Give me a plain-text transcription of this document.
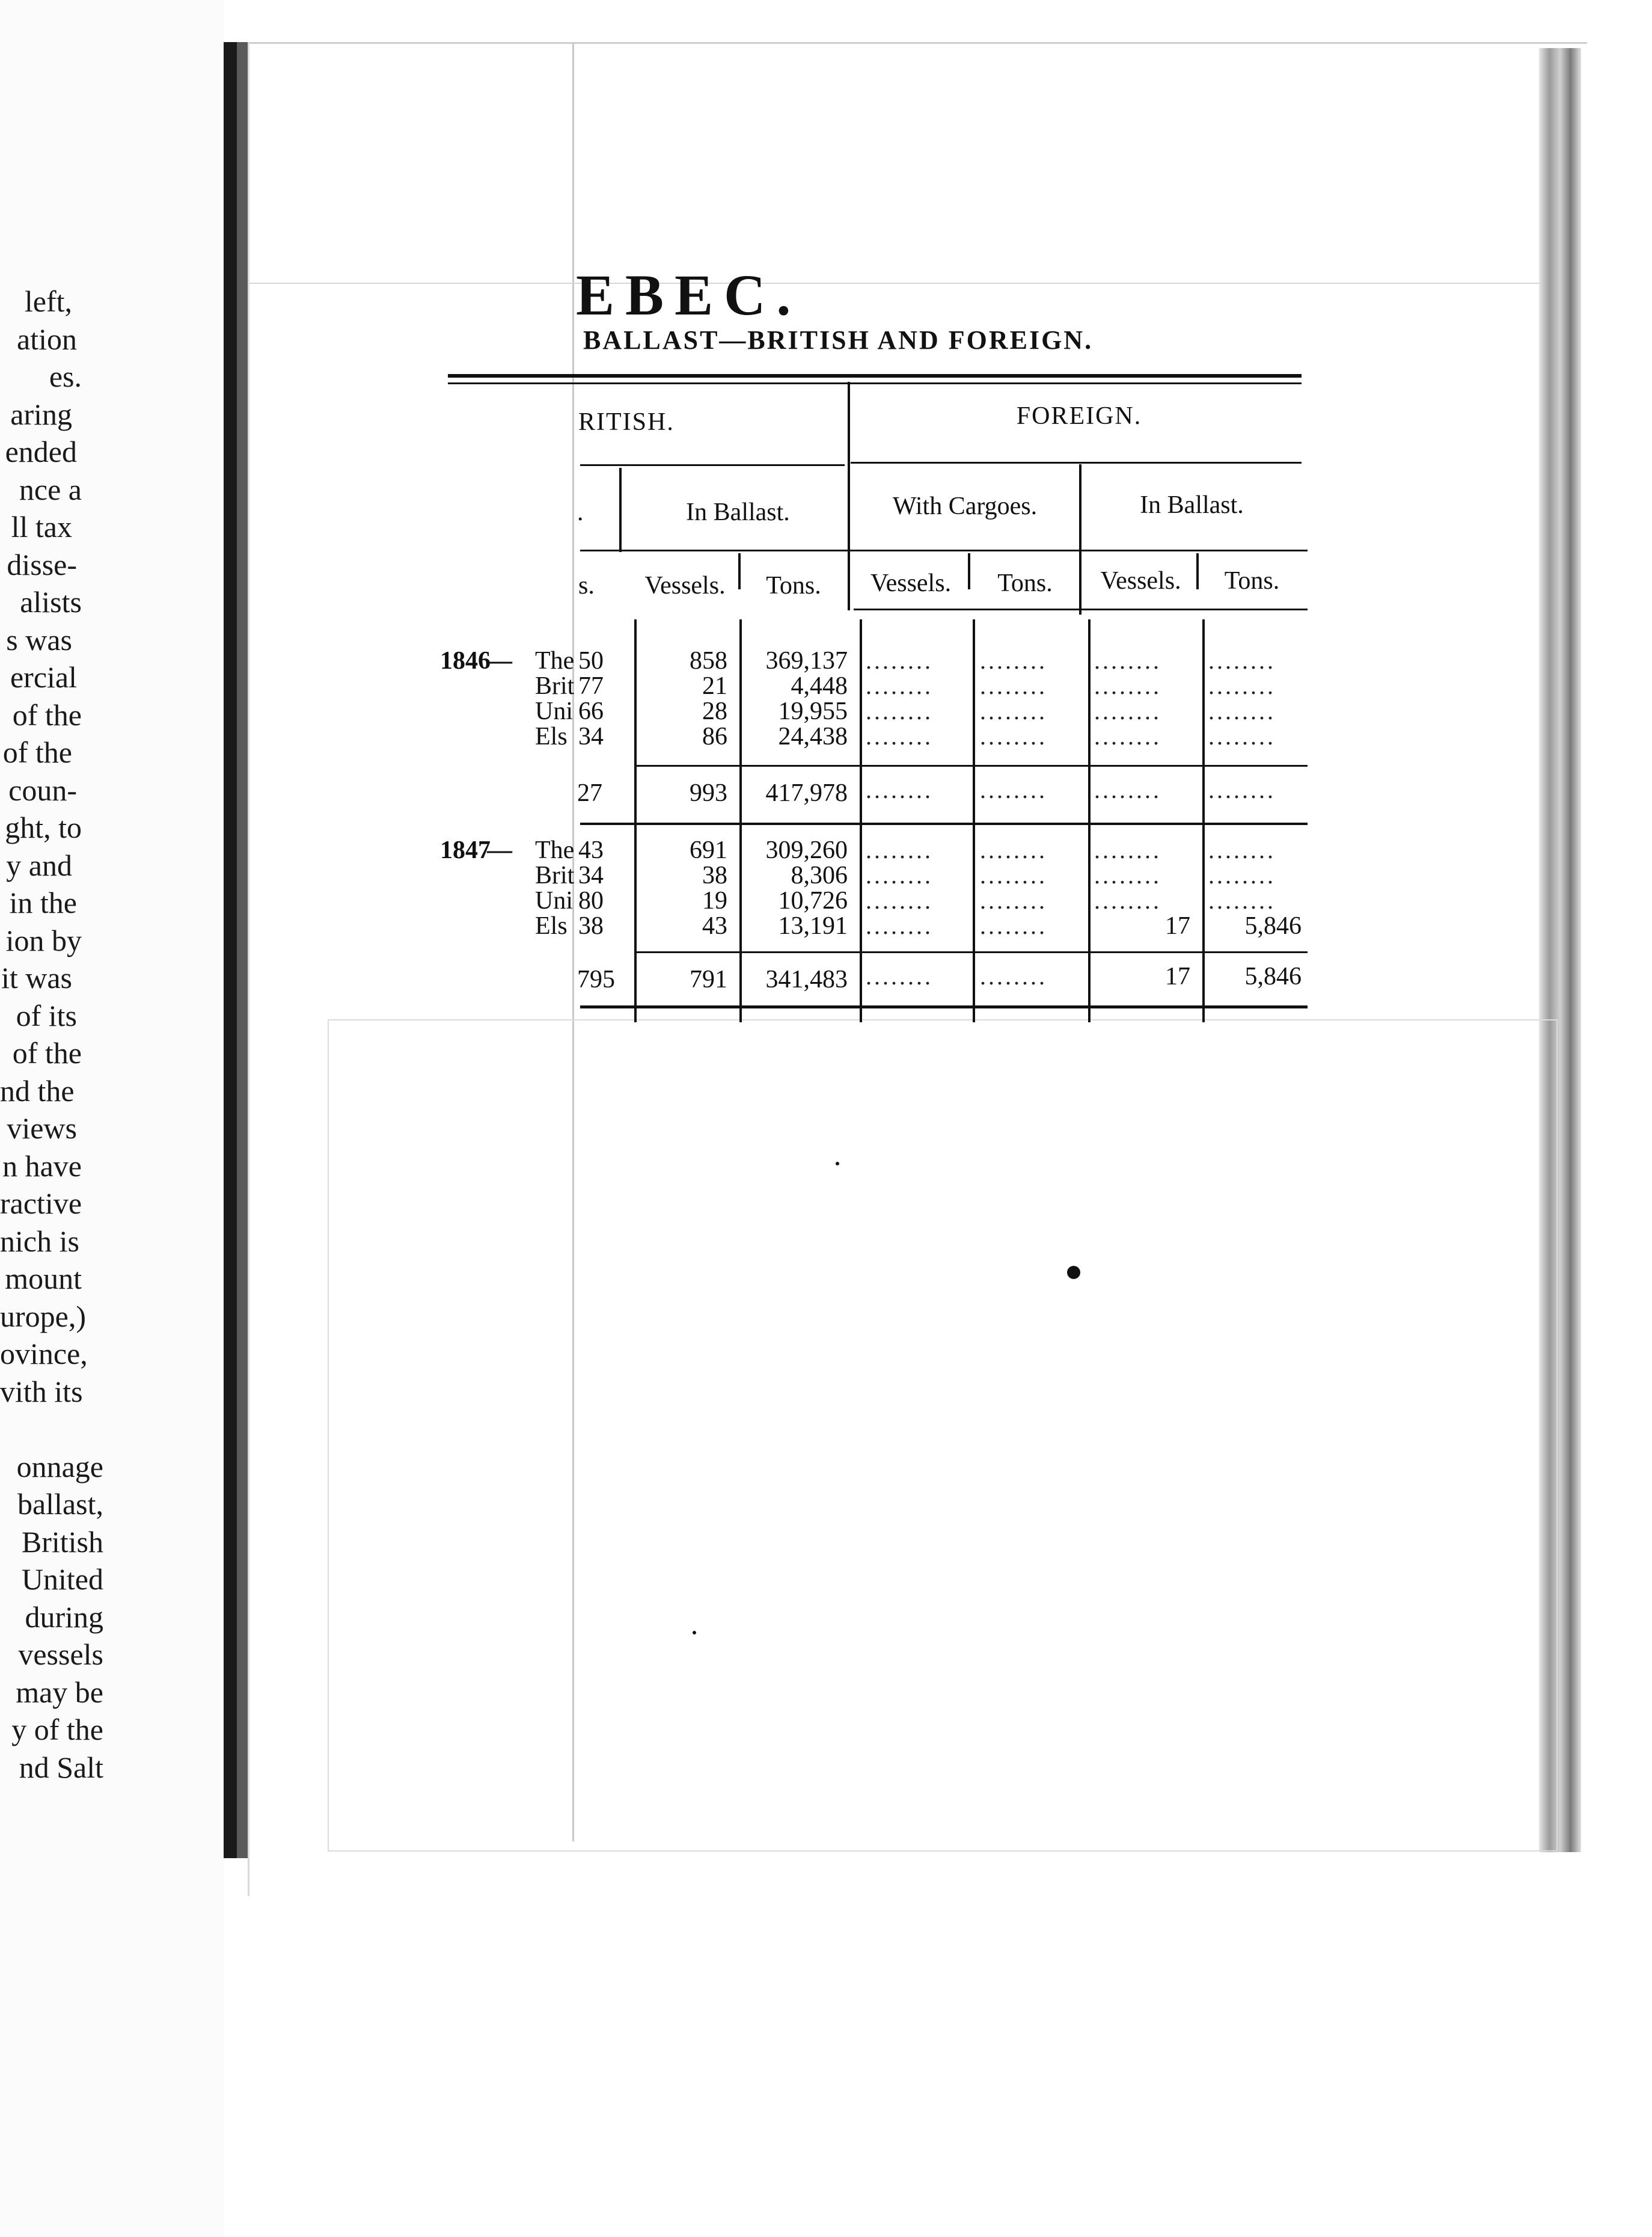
left,
ation
es.
aring
ended
nce a
ll tax
disse-
alists
s was
ercial
of the
of the
coun-
ght, to
y and
in the
ion by
it was
of its
of the
nd the
views
n have
ractive
nich is
mount
urope,)
ovince,
vith its
onnage
ballast,
British
United
during
vessels
may be
y of the
nd Salt
EBEC.
BALLAST—BRITISH AND FOREIGN.
RITISH.	FOREIGN.
.	In Ballast.	With Cargoes.	In Ballast.
s.	Vessels.	Tons.	Vessels.	Tons.	Vessels.	Tons.
1846
— The 50	858	369,137 ........ ........ ........ ........
Brit 77	21	4,448 ........ ........ ........ ........
Uni 66	28	19,955 ........ ........ ........ ........
Els 34	86	24,438 ........ ........ ........ ........
27	993	417,978 ........ ........ ........ ........
1847
— The 43	691	309,260 ........ ........ ........ ........
Brit 34	38	8,306 ........ ........ ........ ........
Uni 80	19	10,726 ........ ........ ........ ........
Els 38	43	13,191 ........ ........	17	5,846
795	791	341,483 ........ ........	17	5,846
